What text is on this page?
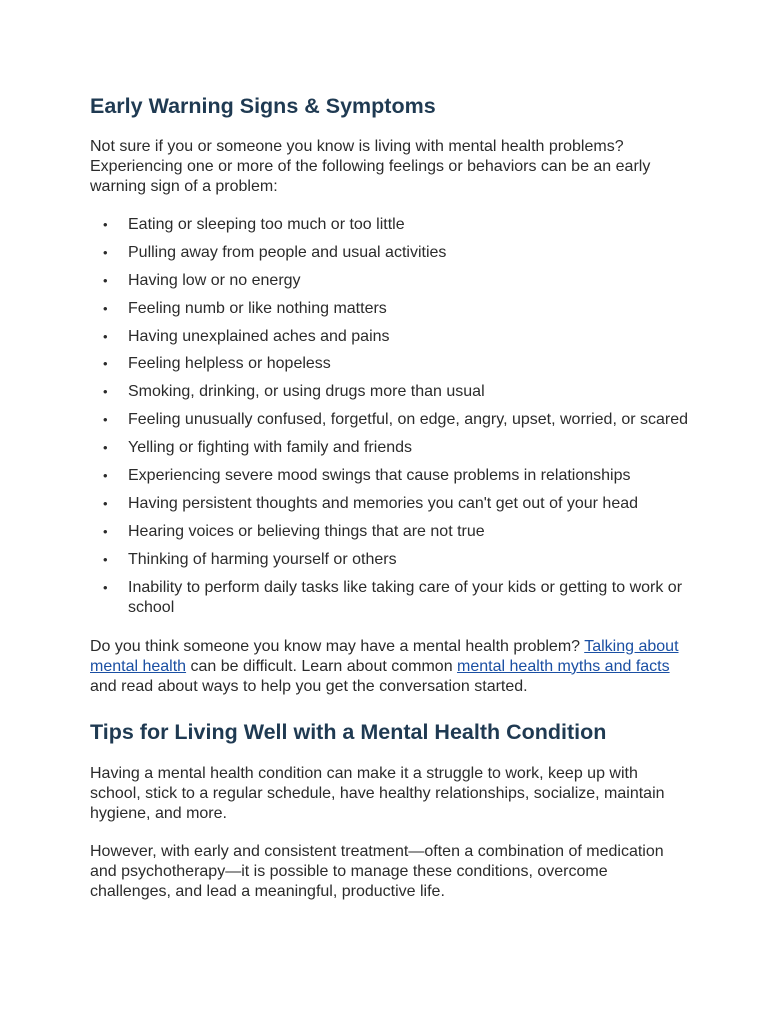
Early Warning Signs & Symptoms

Not sure if you or someone you know is living with mental health problems? Experiencing one or more of the following feelings or behaviors can be an early warning sign of a problem:

• Eating or sleeping too much or too little
• Pulling away from people and usual activities
• Having low or no energy
• Feeling numb or like nothing matters
• Having unexplained aches and pains
• Feeling helpless or hopeless
• Smoking, drinking, or using drugs more than usual
• Feeling unusually confused, forgetful, on edge, angry, upset, worried, or scared
• Yelling or fighting with family and friends
• Experiencing severe mood swings that cause problems in relationships
• Having persistent thoughts and memories you can't get out of your head
• Hearing voices or believing things that are not true
• Thinking of harming yourself or others
• Inability to perform daily tasks like taking care of your kids or getting to work or school

Do you think someone you know may have a mental health problem? Talking about mental health can be difficult. Learn about common mental health myths and facts and read about ways to help you get the conversation started.

Tips for Living Well with a Mental Health Condition

Having a mental health condition can make it a struggle to work, keep up with school, stick to a regular schedule, have healthy relationships, socialize, maintain hygiene, and more.

However, with early and consistent treatment—often a combination of medication and psychotherapy—it is possible to manage these conditions, overcome challenges, and lead a meaningful, productive life.
